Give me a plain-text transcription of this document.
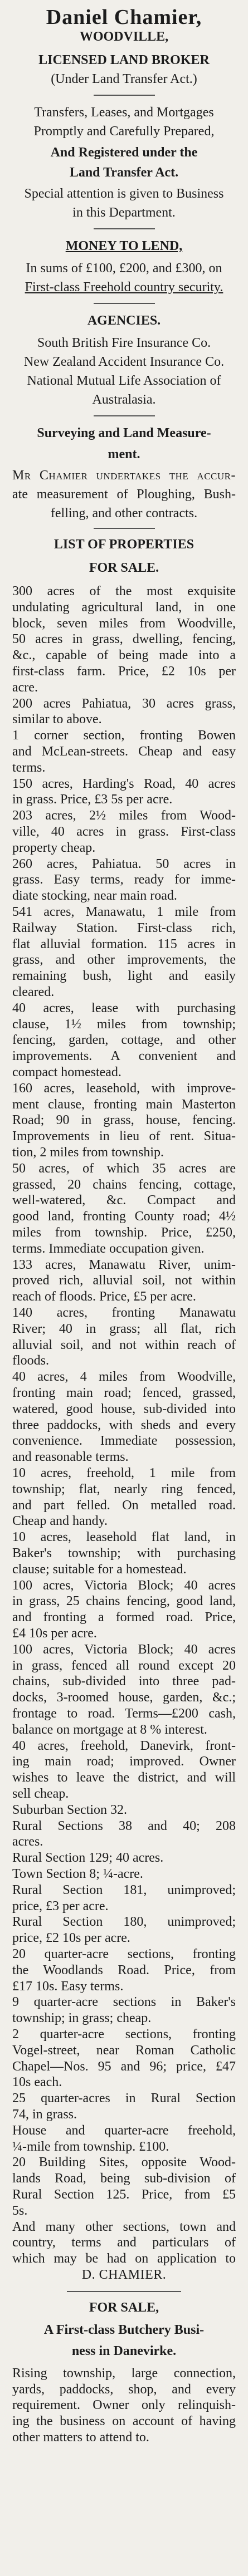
Daniel Chamier,
WOODVILLE,
LICENSED LAND BROKER
(Under Land Transfer Act.)
Transfers, Leases, and Mortgages
Promptly and Carefully Prepared,
And Registered under the
Land Transfer Act.
Special attention is given to Business
in this Department.
MONEY TO LEND,
In sums of £100, £200, and £300, on
First-class Freehold country security.
AGENCIES.
South British Fire Insurance Co.
New Zealand Accident Insurance Co.
National Mutual Life Association of
Australasia.
Surveying and Land Measure-
ment.
Mr Chamier undertakes the accur-
ate measurement of Ploughing, Bush-
felling, and other contracts.
LIST OF PROPERTIES
FOR SALE.
300 acres of the most exquisite
undulating agricultural land, in one
block, seven miles from Woodville,
50 acres in grass, dwelling, fencing,
&c., capable of being made into a
first-class farm. Price, £2 10s per
acre.
200 acres Pahiatua, 30 acres grass,
similar to above.
1 corner section, fronting Bowen
and McLean-streets. Cheap and easy
terms.
150 acres, Harding's Road, 40 acres
in grass. Price, £3 5s per acre.
203 acres, 2½ miles from Wood-
ville, 40 acres in grass. First-class
property cheap.
260 acres, Pahiatua. 50 acres in
grass. Easy terms, ready for imme-
diate stocking, near main road.
541 acres, Manawatu, 1 mile from
Railway Station. First-class rich,
flat alluvial formation. 115 acres in
grass, and other improvements, the
remaining bush, light and easily
cleared.
40 acres, lease with purchasing
clause, 1½ miles from township;
fencing, garden, cottage, and other
improvements. A convenient and
compact homestead.
160 acres, leasehold, with improve-
ment clause, fronting main Masterton
Road; 90 in grass, house, fencing.
Improvements in lieu of rent. Situa-
tion, 2 miles from township.
50 acres, of which 35 acres are
grassed, 20 chains fencing, cottage,
well-watered, &c. Compact and
good land, fronting County road; 4½
miles from township. Price, £250,
terms. Immediate occupation given.
133 acres, Manawatu River, unim-
proved rich, alluvial soil, not within
reach of floods. Price, £5 per acre.
140 acres, fronting Manawatu
River; 40 in grass; all flat, rich
alluvial soil, and not within reach of
floods.
40 acres, 4 miles from Woodville,
fronting main road; fenced, grassed,
watered, good house, sub-divided into
three paddocks, with sheds and every
convenience. Immediate possession,
and reasonable terms.
10 acres, freehold, 1 mile from
township; flat, nearly ring fenced,
and part felled. On metalled road.
Cheap and handy.
10 acres, leasehold flat land, in
Baker's township; with purchasing
clause; suitable for a homestead.
100 acres, Victoria Block; 40 acres
in grass, 25 chains fencing, good land,
and fronting a formed road. Price,
£4 10s per acre.
100 acres, Victoria Block; 40 acres
in grass, fenced all round except 20
chains, sub-divided into three pad-
docks, 3-roomed house, garden, &c.;
frontage to road. Terms—£200 cash,
balance on mortgage at 8 % interest.
40 acres, freehold, Danevirk, front-
ing main road; improved. Owner
wishes to leave the district, and will
sell cheap.
Suburban Section 32.
Rural Sections 38 and 40; 208
acres.
Rural Section 129; 40 acres.
Town Section 8; ¼-acre.
Rural Section 181, unimproved;
price, £3 per acre.
Rural Section 180, unimproved;
price, £2 10s per acre.
20 quarter-acre sections, fronting
the Woodlands Road. Price, from
£17 10s. Easy terms.
9 quarter-acre sections in Baker's
township; in grass; cheap.
2 quarter-acre sections, fronting
Vogel-street, near Roman Catholic
Chapel—Nos. 95 and 96; price, £47
10s each.
25 quarter-acres in Rural Section
74, in grass.
House and quarter-acre freehold,
¼-mile from township. £100.
20 Building Sites, opposite Wood-
lands Road, being sub-division of
Rural Section 125. Price, from £5
5s.
And many other sections, town and
country, terms and particulars of
which may be had on application to
D. CHAMIER.
FOR SALE,
A First-class Butchery Busi-
ness in Danevirke.
Rising township, large connection,
yards, paddocks, shop, and every
requirement. Owner only relinquish-
ing the business on account of having
other matters to attend to.
